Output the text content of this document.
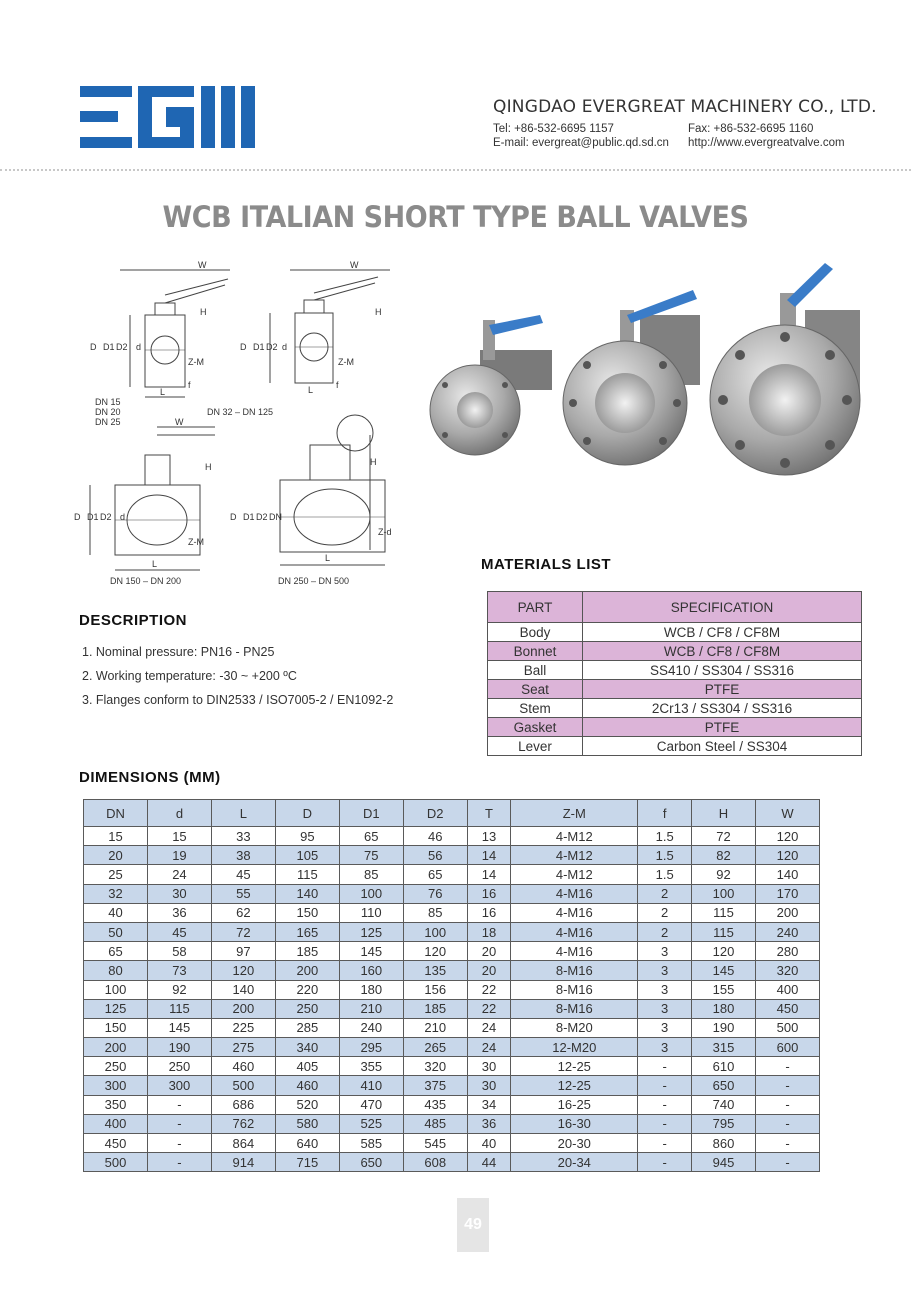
QINGDAO EVERGREAT MACHINERY CO., LTD.
Tel: +86-532-6695 1157	Fax: +86-532-6695 1160
E-mail: evergreat@public.qd.sd.cn	http://www.evergreatvalve.com
WCB ITALIAN SHORT TYPE BALL VALVES
W	W
W
H	H
H	H
D D1 D2 d	D D1 D2 d
D D1 D2 d	D D1 D2 DN
Z-M	Z-M
Z-M
Z-d
L	L
L
L
f	f
DN 15
DN 20
DN 25
DN 32 – DN 125
DN 150 – DN 200	DN 250 – DN 500
MATERIALS LIST
PART	SPECIFICATION
Body	WCB / CF8 / CF8M
Bonnet	WCB / CF8 / CF8M
Ball	SS410 / SS304 / SS316
Seat	PTFE
Stem	2Cr13 / SS304 / SS316
Gasket	PTFE
Lever	Carbon Steel / SS304
DESCRIPTION
1. Nominal pressure: PN16 - PN25
2. Working temperature: -30 ~ +200 ºC
3. Flanges conform to DIN2533 / ISO7005-2 / EN1092-2
DIMENSIONS (MM)
DN	d	L	D	D1	D2	T	Z-M	f	H	W
15	15	33	95	65	46	13	4-M12	1.5	72	120
20	19	38	105	75	56	14	4-M12	1.5	82	120
25	24	45	115	85	65	14	4-M12	1.5	92	140
32	30	55	140	100	76	16	4-M16	2	100	170
40	36	62	150	110	85	16	4-M16	2	115	200
50	45	72	165	125	100	18	4-M16	2	115	240
65	58	97	185	145	120	20	4-M16	3	120	280
80	73	120	200	160	135	20	8-M16	3	145	320
100	92	140	220	180	156	22	8-M16	3	155	400
125	115	200	250	210	185	22	8-M16	3	180	450
150	145	225	285	240	210	24	8-M20	3	190	500
200	190	275	340	295	265	24	12-M20	3	315	600
250	250	460	405	355	320	30	12-25	-	610	-
300	300	500	460	410	375	30	12-25	-	650	-
350	-	686	520	470	435	34	16-25	-	740	-
400	-	762	580	525	485	36	16-30	-	795	-
450	-	864	640	585	545	40	20-30	-	860	-
500	-	914	715	650	608	44	20-34	-	945	-
49
